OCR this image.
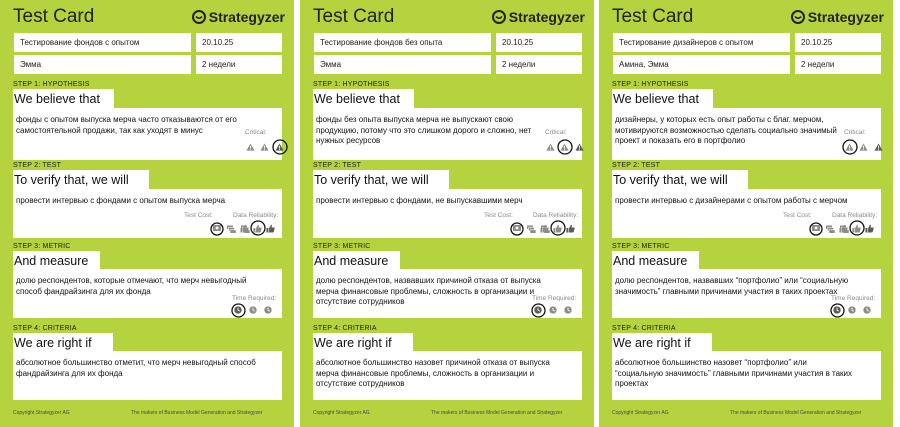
Test Card	Strategyzer
Тестирование фондов с опытом	20.10.25
Эмма	2 недели
STEP 1: HYPOTHESIS
We believe that
фонды с опытом выпуска мерча часто отказываются от его самостоятельной продажи, так как уходят в минус
STEP 2: TEST
To verify that, we will
провести интервью с фондами с опытом выпуска мерча
STEP 3: METRIC
And measure
долю респондентов, которые отмечают, что мерч невыгодный способ фандрайзинга для их фонда
STEP 4: CRITERIA
We are right if
абсолютное большинство отметит, что мерч невыгодный способ фандрайзинга для их фонда
Critical:
Test Cost:	Data Reliability:
Time Required:
Copyright Strategyzer AG	The makers of Business Model Generation and Strategyzer
Test Card	Strategyzer
Тестирование фондов без опыта	20.10.25
Эмма	2 недели
STEP 1: HYPOTHESIS
We believe that
фонды без опыта выпуска мерча не выпускают свою продукцию, потому что это слишком дорого и сложно, нет нужных ресурсов
STEP 2: TEST
To verify that, we will
провести интервью с фондами, не выпускавшими мерч
STEP 3: METRIC
And measure
долю респондентов, назвавших причиной отказа от выпуска мерча финансовые проблемы, сложность в организации и отсутствие сотрудников
STEP 4: CRITERIA
We are right if
абсолютное большинство назовет причиной отказа от выпуска мерча финансовые проблемы, сложность в организации и отсутствие сотрудников
Critical:
Test Cost:	Data Reliability:
Time Required:
Copyright Strategyzer AG	The makers of Business Model Generation and Strategyzer
Test Card	Strategyzer
Тестирование дизайнеров с опытом	20.10.25
Амина, Эмма	2 недели
STEP 1: HYPOTHESIS
We believe that
дизайнеры, у которых есть опыт работы с благ. мерчом, мотивируются возможностью сделать социально значимый проект и показать его в портфолио
STEP 2: TEST
To verify that, we will
провести интервью с дизайнерами с опытом работы с мерчом
STEP 3: METRIC
And measure
долю респондентов, назвавших “портфолио” или “социальную значимость” главными причинами участия в таких проектах
STEP 4: CRITERIA
We are right if
абсолютное большинство назовет “портфолио” или “социальную значимость” главными причинами участия в таких проектах
Critical:
Test Cost:	Data Reliability:
Time Required:
Copyright Strategyzer AG	The makers of Business Model Generation and Strategyzer
